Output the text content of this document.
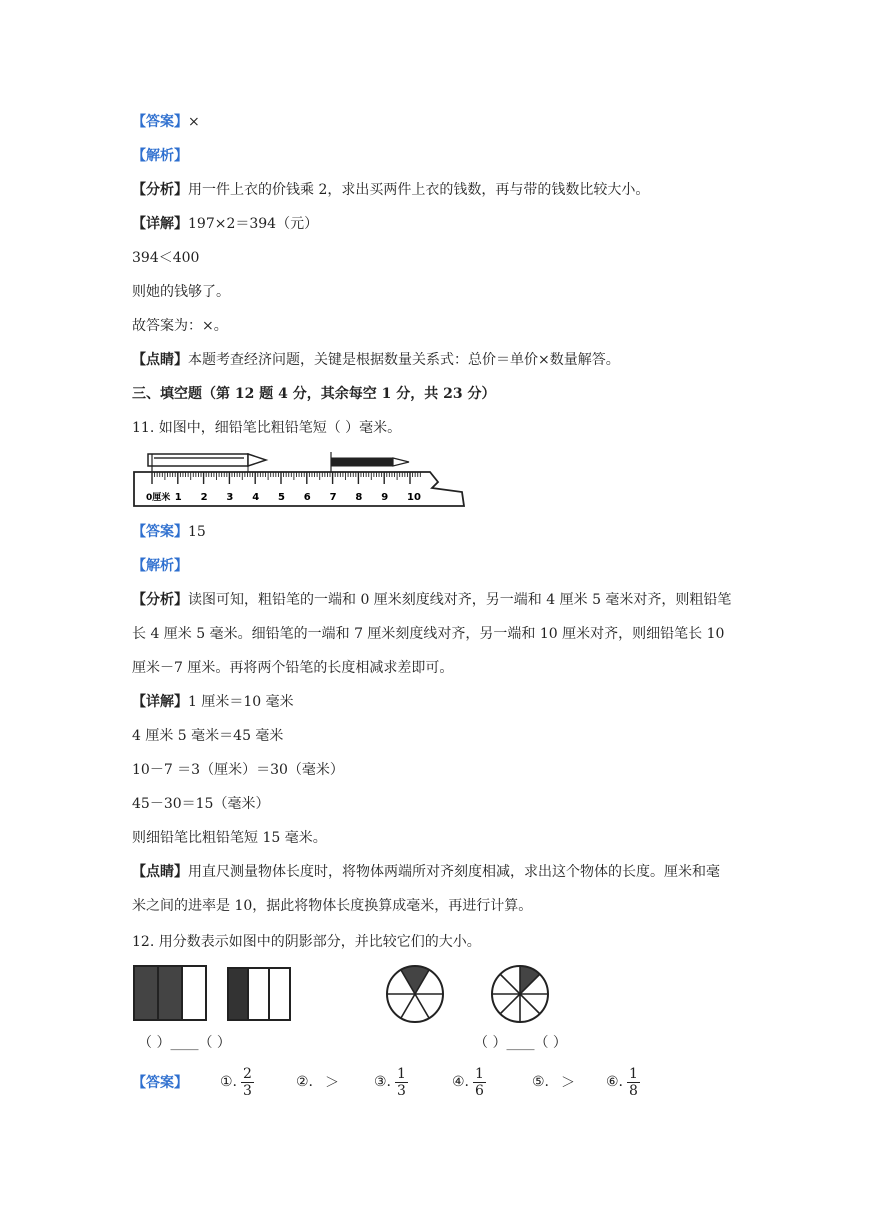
【答案】×
【解析】
【分析】用一件上衣的价钱乘 2，求出买两件上衣的钱数，再与带的钱数比较大小。
【详解】197×2＝394（元）
394＜400
则她的钱够了。
故答案为：×。
【点睛】本题考查经济问题，关键是根据数量关系式：总价＝单价×数量解答。
三、填空题（第 12 题 4 分，其余每空 1 分，共 23 分）
11. 如图中，细铅笔比粗铅笔短（ ）毫米。
0厘米 1 2 3 4 5 6 7 8 9 10
【答案】15
【解析】
【分析】读图可知，粗铅笔的一端和 0 厘米刻度线对齐，另一端和 4 厘米 5 毫米对齐，则粗铅笔长 4 厘米 5 毫米。细铅笔的一端和 7 厘米刻度线对齐，另一端和 10 厘米对齐，则细铅笔长 10 厘米－7 厘米。再将两个铅笔的长度相减求差即可。
【详解】1 厘米＝10 毫米
4 厘米 5 毫米＝45 毫米
10－7 ＝3（厘米）＝30（毫米）
45－30＝15（毫米）
则细铅笔比粗铅笔短 15 毫米。
【点睛】用直尺测量物体长度时，将物体两端所对齐刻度相减，求出这个物体的长度。厘米和毫米之间的进率是 10，据此将物体长度换算成毫米，再进行计算。
12. 用分数表示如图中的阴影部分，并比较它们的大小。
（ ）____（ ）	（ ）____（ ）
【答案】 ①. $\frac{2}{3}$	②. ＞ ③. $\frac{1}{3}$	④. $\frac{1}{6}$	⑤. ＞ ⑥. $\frac{1}{8}$
